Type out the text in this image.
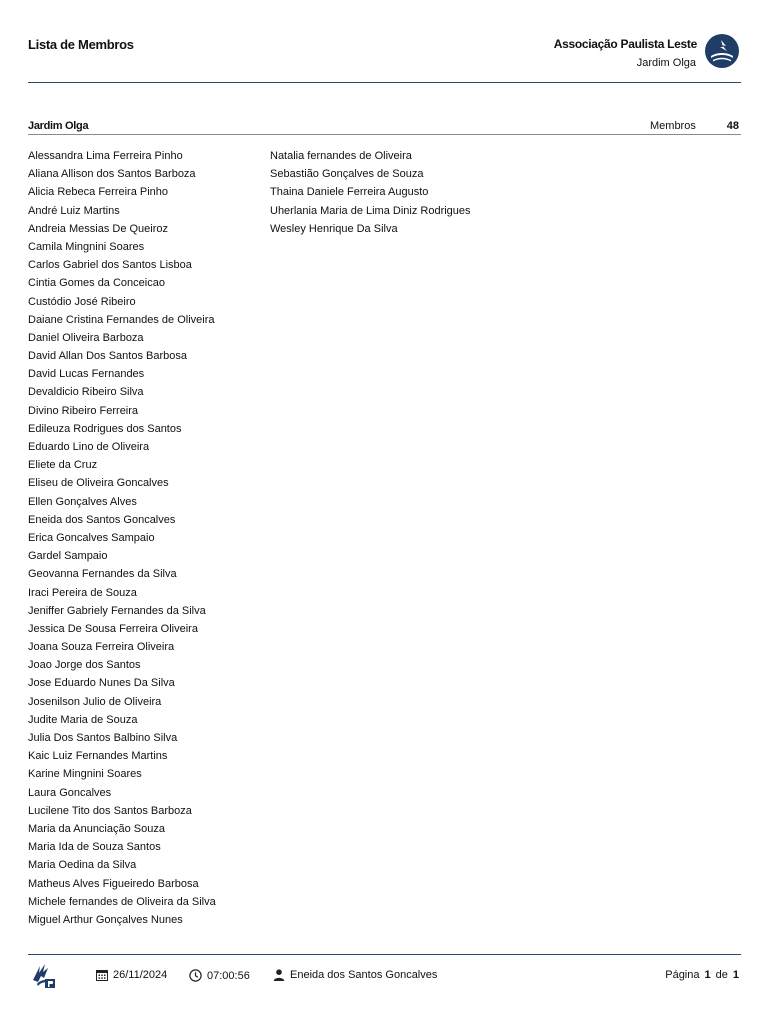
Lista de Membros	Associação Paulista Leste
Jardim Olga
Jardim Olga	Membros	48
Alessandra Lima Ferreira Pinho
Aliana Allison dos Santos Barboza
Alicia Rebeca Ferreira Pinho
André Luiz Martins
Andreia Messias De Queiroz
Camila Mingnini Soares
Carlos Gabriel dos Santos Lisboa
Cintia Gomes da Conceicao
Custódio José Ribeiro
Daiane Cristina Fernandes de Oliveira
Daniel Oliveira Barboza
David Allan Dos Santos Barbosa
David Lucas Fernandes
Devaldicio Ribeiro Silva
Divino Ribeiro Ferreira
Edileuza Rodrigues dos Santos
Eduardo Lino de Oliveira
Eliete da Cruz
Eliseu de Oliveira Goncalves
Ellen Gonçalves Alves
Eneida dos Santos Goncalves
Erica Goncalves Sampaio
Gardel Sampaio
Geovanna Fernandes da Silva
Iraci Pereira de Souza
Jeniffer Gabriely Fernandes da Silva
Jessica De Sousa Ferreira Oliveira
Joana Souza Ferreira Oliveira
Joao Jorge dos Santos
Jose Eduardo Nunes Da Silva
Josenilson Julio de Oliveira
Judite Maria de Souza
Julia Dos Santos Balbino Silva
Kaic Luiz Fernandes Martins
Karine Mingnini Soares
Laura Goncalves
Lucilene Tito dos Santos Barboza
Maria da Anunciação Souza
Maria Ida de Souza Santos
Maria Oedina da Silva
Matheus Alves Figueiredo Barbosa
Michele fernandes de Oliveira da Silva
Miguel Arthur Gonçalves Nunes
Natalia fernandes de Oliveira
Sebastião Gonçalves de Souza
Thaina Daniele Ferreira Augusto
Uherlania Maria de Lima Diniz Rodrigues
Wesley Henrique Da Silva
26/11/2024	07:00:56	Eneida dos Santos Goncalves	Página 1 de 1
